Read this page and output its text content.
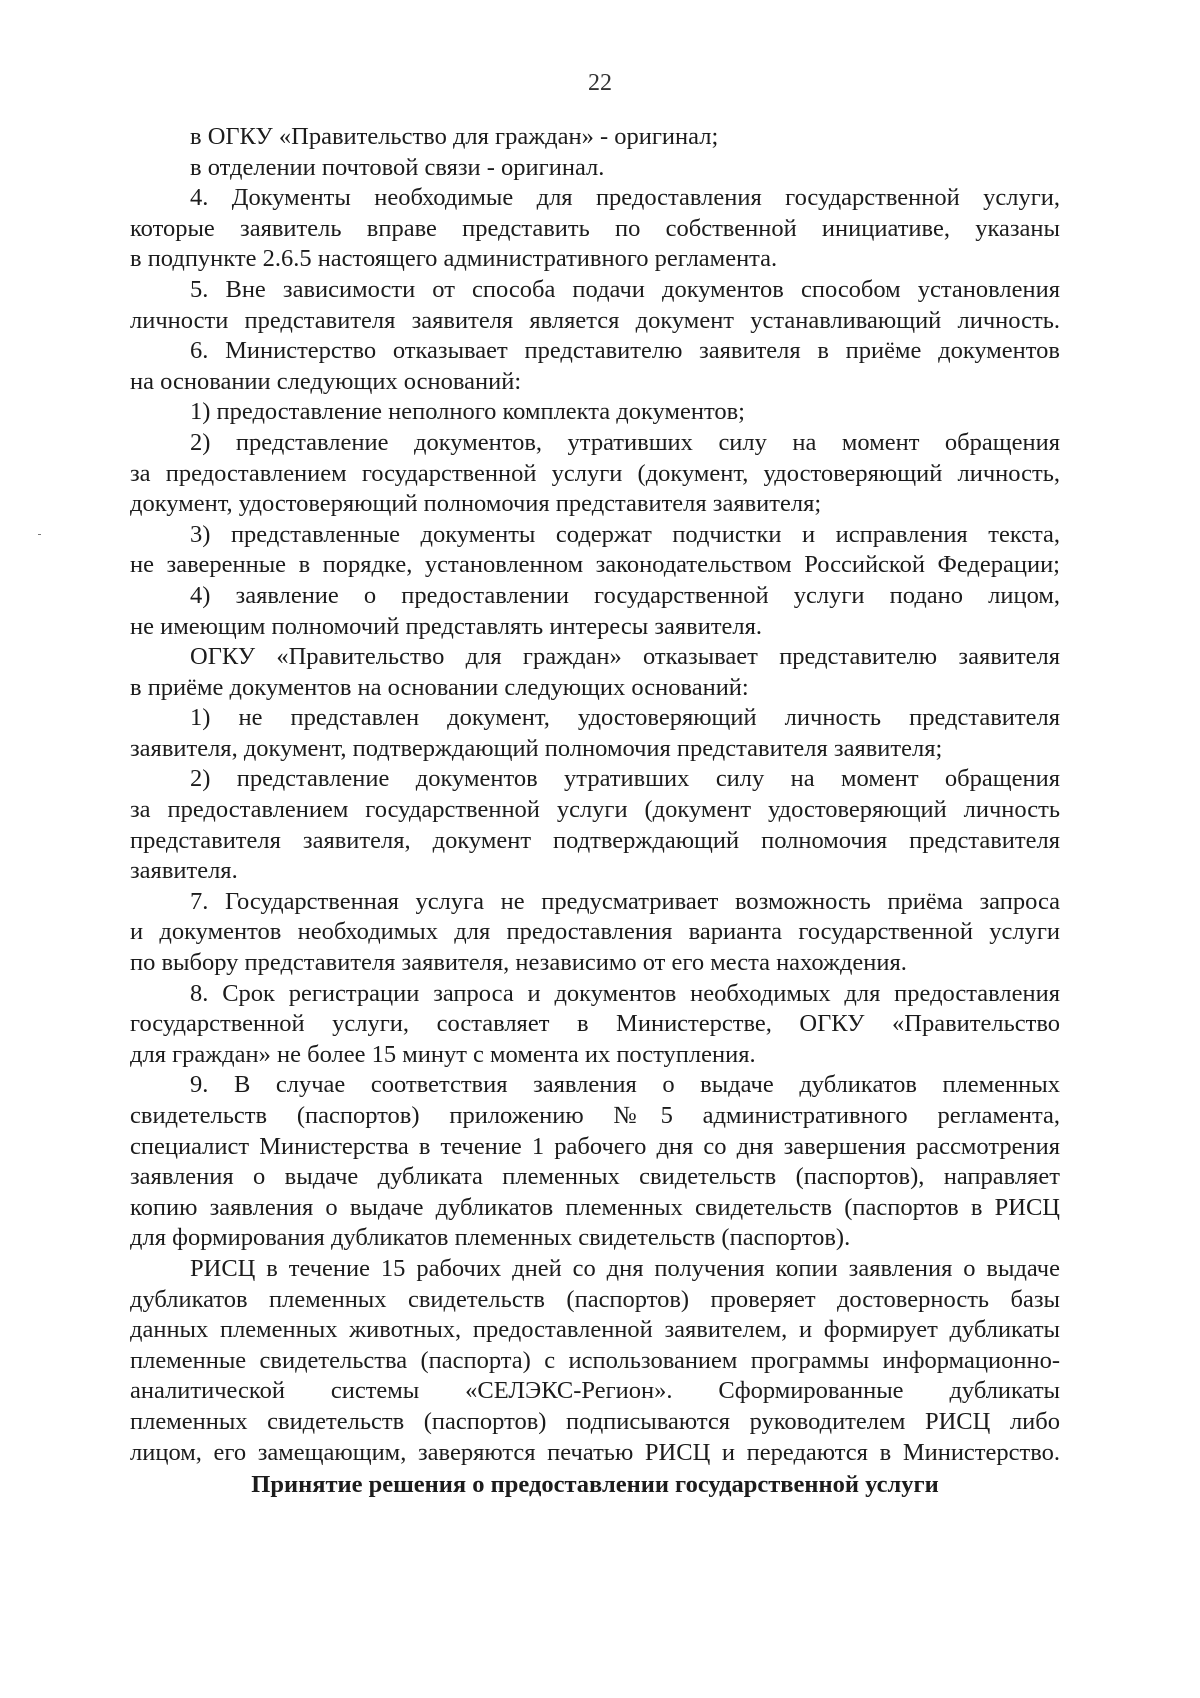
22
в ОГКУ «Правительство для граждан» - оригинал;
в отделении почтовой связи - оригинал.
4. Документы необходимые для предоставления государственной услуги,
которые заявитель вправе представить по собственной инициативе, указаны
в подпункте 2.6.5 настоящего административного регламента.
5. Вне зависимости от способа подачи документов способом установления
личности представителя заявителя является документ устанавливающий личность.
6. Министерство отказывает представителю заявителя в приёме документов
на основании следующих оснований:
1) предоставление неполного комплекта документов;
2) представление документов, утративших силу на момент обращения
за предоставлением государственной услуги (документ, удостоверяющий личность,
документ, удостоверяющий полномочия представителя заявителя;
3) представленные документы содержат подчистки и исправления текста,
не заверенные в порядке, установленном законодательством Российской Федерации;
4) заявление о предоставлении государственной услуги подано лицом,
не имеющим полномочий представлять интересы заявителя.
ОГКУ «Правительство для граждан» отказывает представителю заявителя
в приёме документов на основании следующих оснований:
1) не представлен документ, удостоверяющий личность представителя
заявителя, документ, подтверждающий полномочия представителя заявителя;
2) представление документов утративших силу на момент обращения
за предоставлением государственной услуги (документ удостоверяющий личность
представителя заявителя, документ подтверждающий полномочия представителя
заявителя.
7. Государственная услуга не предусматривает возможность приёма запроса
и документов необходимых для предоставления варианта государственной услуги
по выбору представителя заявителя, независимо от его места нахождения.
8. Срок регистрации запроса и документов необходимых для предоставления
государственной услуги, составляет в Министерстве, ОГКУ «Правительство
для граждан» не более 15 минут с момента их поступления.
9. В случае соответствия заявления о выдаче дубликатов племенных
свидетельств (паспортов) приложению №5 административного регламента,
специалист Министерства в течение 1 рабочего дня со дня завершения рассмотрения
заявления о выдаче дубликата племенных свидетельств (паспортов), направляет
копию заявления о выдаче дубликатов племенных свидетельств (паспортов в РИСЦ
для формирования дубликатов племенных свидетельств (паспортов).
РИСЦ в течение 15 рабочих дней со дня получения копии заявления о выдаче
дубликатов племенных свидетельств (паспортов) проверяет достоверность базы
данных племенных животных, предоставленной заявителем, и формирует дубликаты
племенные свидетельства (паспорта) с использованием программы информационно-
аналитической системы «СЕЛЭКС-Регион». Сформированные дубликаты
племенных свидетельств (паспортов) подписываются руководителем РИСЦ либо
лицом, его замещающим, заверяются печатью РИСЦ и передаются в Министерство.
Принятие решения о предоставлении государственной услуги
